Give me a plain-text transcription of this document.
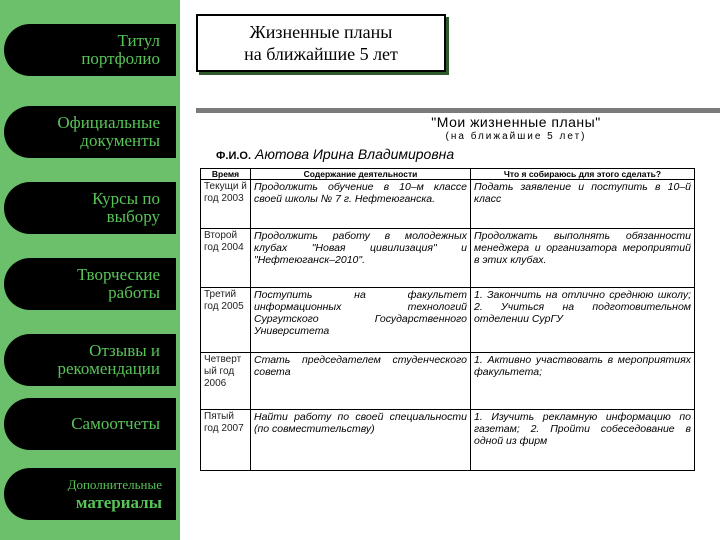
Титул
портфолио
Официальные
документы
Курсы по
выбору
Творческие
работы
Отзывы и
рекомендации
Самоотчеты
Дополнительные
материалы
Жизненные планы
на ближайшие 5 лет
"Мои жизненные планы"
(на ближайшие 5 лет)
Ф.И.О. Аютова Ирина Владимировна
Время	Содержание деятельности	Что я собираюсь для этого сделать?
Текущи й год 2003	Продолжить обучение в 10–м классе своей школы № 7 г. Нефтеюганска.	Подать заявление и поступить в 10–й класс
Второй год 2004	Продолжить работу в молодежных клубах "Новая цивилизация" и "Нефтеюганск–2010".	Продолжать выполнять обязанности менеджера и организатора мероприятий в этих клубах.
Третий год 2005	Поступить на факультет информационных технологий Сургутского Государственного Университета	1. Закончить на отлично среднюю школу; 2. Учиться на подготовительном отделении СурГУ
Четверт ый год 2006	Стать председателем студенческого совета	1. Активно участвовать в мероприятиях факультета;
Пятый год 2007	Найти работу по своей специальности (по совместительству)	1. Изучить рекламную информацию по газетам; 2. Пройти собеседование в одной из фирм
